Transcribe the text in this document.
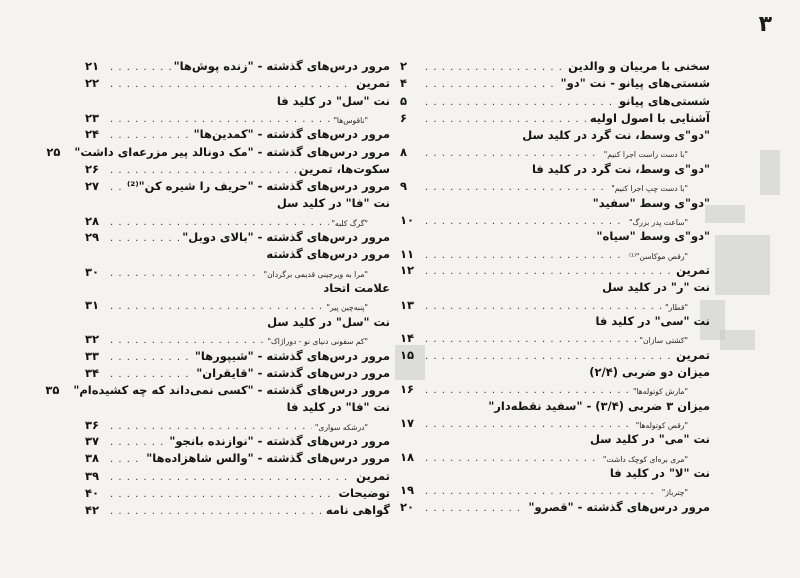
۳
سخنی با مربیان و والدین
. . .
۲
شستی‌های پیانو - نت "دو"
. . .
۴
شستی‌های پیانو
. . .
۵
آشنایی با اصول اولیه
. . .
۶
"دو"ی وسط، نت گرد در کلید سل
"با دست راست اجرا کنیم"
. . .
۸
"دو"ی وسط، نت گرد در کلید فا
"با دست چپ اجرا کنیم"
. . .
۹
"دو"ی وسط "سفید"
"ساعت پدر بزرگ"
. . .
۱۰
"دو"ی وسط "سیاه"
"رقص موکاسن"⁽¹⁾
. . .
۱۱
تمرین
. . .
۱۲
نت "ر" در کلید سل
"قطار"
. . .
۱۳
نت "سی" در کلید فا
"کشتی سازان"
. . .
۱۴
تمرین
. . .
۱۵
میزان دو ضربی (۲/۴)
"مارش کوتوله‌ها"
. . .
۱۶
میزان ۳ ضربی (۳/۴) - "سفید نقطه‌دار"
"رقص کوتوله‌ها"
. . .
۱۷
نت "می" در کلید سل
"مری بره‌ای کوچک داشت"
. . .
۱۸
نت "لا" در کلید فا
"چترباز"
. . .
۱۹
مرور درس‌های گذشته - "قصرو"
. . .
۲۰
مرور درس‌های گذشته - "زنده پوش‌ها"
. . .
۲۱
تمرین
. . .
۲۲
نت "سل" در کلید فا
"ناقوس‌ها"
. . .
۲۳
مرور درس‌های گذشته - "کمدین‌ها"
. . .
۲۴
مرور درس‌های گذشته - "مک دونالد پیر مزرعه‌ای داشت"
۲۵
سکوت‌ها، تمرین
. . .
۲۶
مرور درس‌های گذشته - "حریف را شیره کن"⁽²⁾
. . .
۲۷
نت "فا" در کلید سل
"گرگ کلبه"
. . .
۲۸
مرور درس‌های گذشته - "بالای دوبل"
. . .
۲۹
مرور درس‌های گذشته
"مرا به ویرجینی قدیمی برگردان"
. . .
۳۰
علامت اتحاد
"پنبه‌چین پیر"
. . .
۳۱
نت "سل" در کلید سل
"کم سفونی دنیای نو - دوراژاک"
. . .
۳۲
مرور درس‌های گذشته - "شیپورها"
. . .
۳۳
مرور درس‌های گذشته - "قایقران"
. . .
۳۴
مرور درس‌های گذشته - "کسی نمی‌داند که چه کشیده‌ام"
۳۵
نت "فا" در کلید فا
"درشکه سواری"
. . .
۳۶
مرور درس‌های گذشته - "نوازنده بانجو"
. . .
۳۷
مرور درس‌های گذشته - "والس شاهزاده‌ها"
. . .
۳۸
تمرین
. . .
۳۹
توضیحات
. . .
۴۰
گواهی نامه
. . .
۴۲
